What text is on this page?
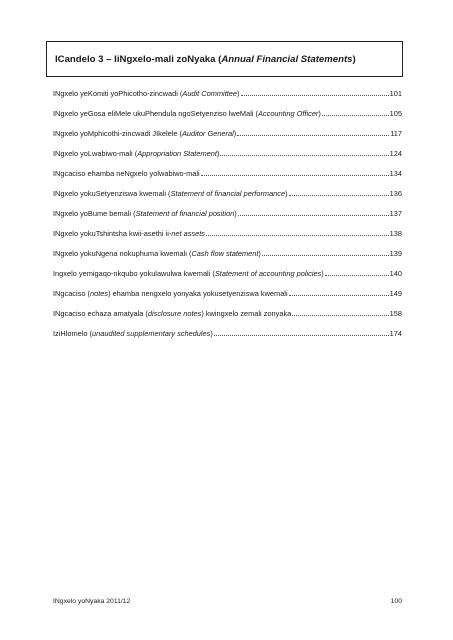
ICandelo 3 – IiNgxelo-mali zoNyaka ( Annual Financial Statements )
INgxelo yeKomiti yoPhicotho-zincwadi (Audit Committee)	101
INgxelo yeGosa eliMele ukuPhendula ngoSetyenziso lweMali (Accounting Officer)	105
INgxelo yoMphicothi-zincwadi JIkelele (Auditor General)	117
INgxelo yoLwabiwo-mali (Appropriation Statement)	124
INgcaciso ehamba neNgxelo yolwabiwo-mali	134
INgxelo yokuSetyenziswa kwemali (Statement of financial performance)	136
INgxelo yoBume bemali (Statement of financial position)	137
INgxelo yokuTshintsha kwii-asethi ii-net assets	138
INgxelo yokuNgena nokuphuma kwemali (Cash flow statement)	139
Ingxelo yemigaqo-nkqubo yokulawulwa kwemali (Statement of accounting policies)	140
INgcaciso (notes) ehamba nengxelo yonyaka yokusetyenziswa kwemali	149
INgcaciso echaza amatyala (disclosure notes) kwingxelo zemali zonyaka	158
IziHlomelo (unaudited supplementary schedules)	174
INgxelo yoNyaka 2011/12	100
